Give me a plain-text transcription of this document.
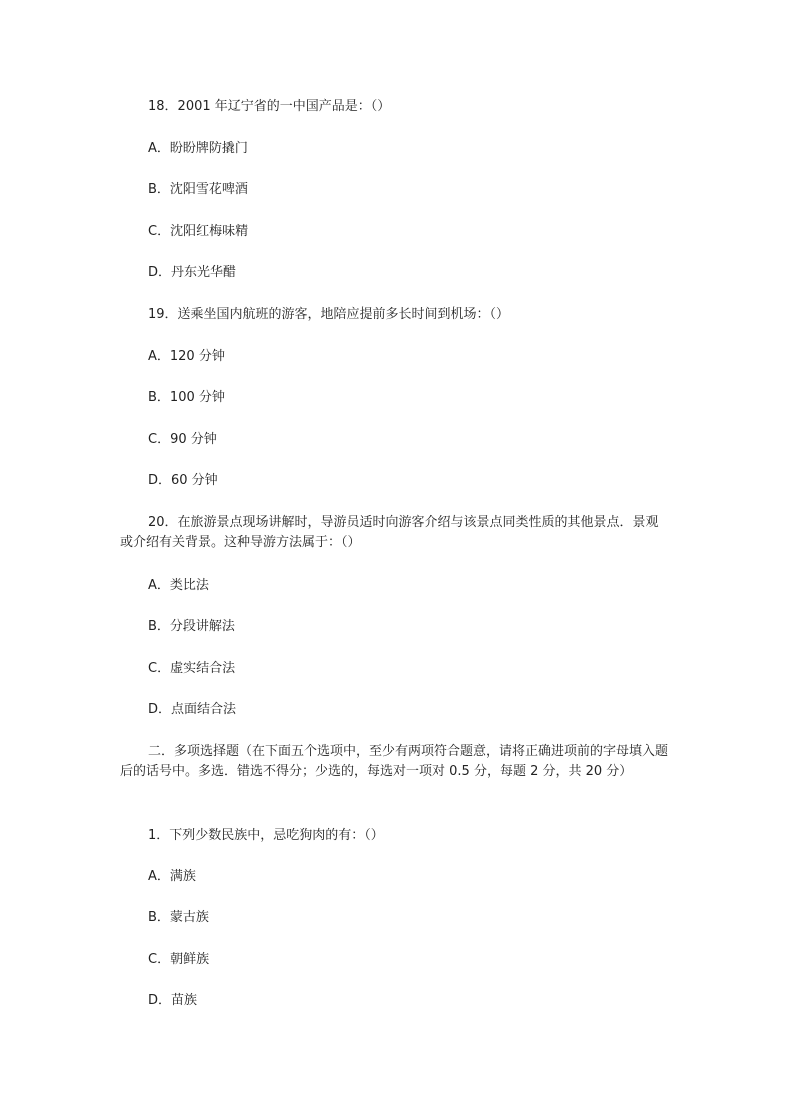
18．2001 年辽宁省的一中国产品是：（）
A．盼盼牌防撬门
B．沈阳雪花啤酒
C．沈阳红梅味精
D．丹东光华醋
19．送乘坐国内航班的游客，地陪应提前多长时间到机场：（）
A．120 分钟
B．100 分钟
C．90 分钟
D．60 分钟
20．在旅游景点现场讲解时，导游员适时向游客介绍与该景点同类性质的其他景点．景观或介绍有关背景。这种导游方法属于：（）
A．类比法
B．分段讲解法
C．虚实结合法
D．点面结合法
二．多项选择题（在下面五个选项中，至少有两项符合题意，请将正确进项前的字母填入题后的话号中。多选．错选不得分；少选的，每选对一项对 0.5 分，每题 2 分，共 20 分）
1．下列少数民族中，忌吃狗肉的有：（）
A．满族
B．蒙古族
C．朝鲜族
D．苗族
